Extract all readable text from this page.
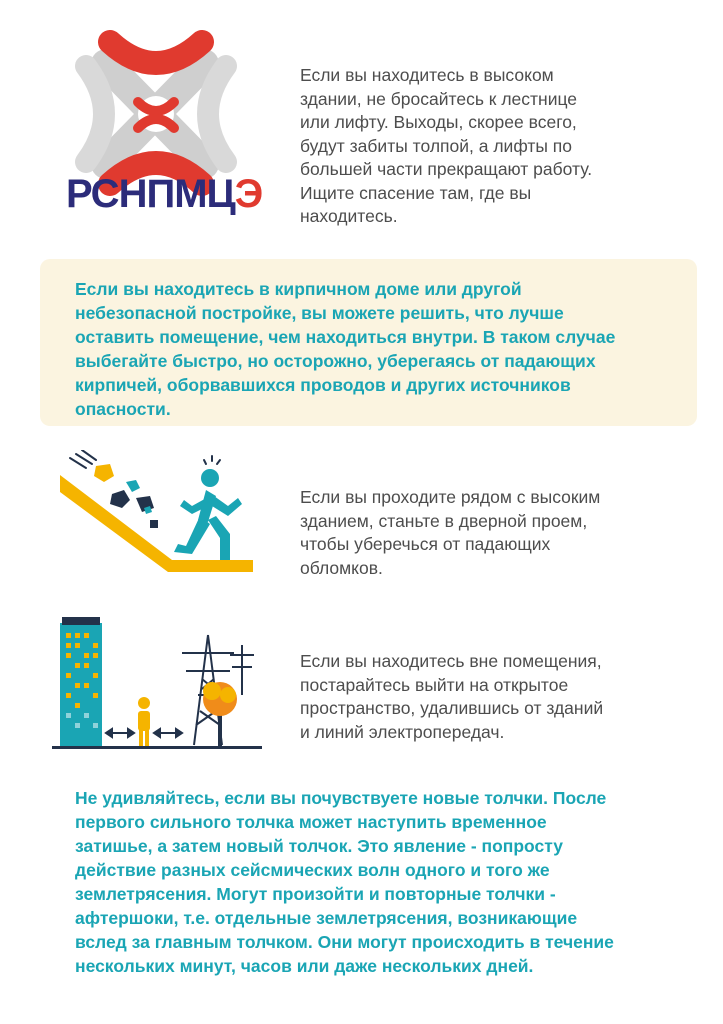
РСНПМЦЭ
Если вы находитесь в высоком
здании, не бросайтесь к лестнице
или лифту. Выходы, скорее всего,
будут забиты толпой, а лифты по
большей части прекращают работу.
Ищите спасение там, где вы
находитесь.
Если вы находитесь в кирпичном доме или другой
небезопасной постройке, вы можете решить, что лучше
оставить помещение, чем находиться внутри. В таком случае
выбегайте быстро, но осторожно, уберегаясь от падающих
кирпичей, оборвавшихся проводов и других источников
опасности.
Если вы проходите рядом с высоким
зданием, станьте в дверной проем,
чтобы уберечься от падающих
обломков.
Если вы находитесь вне помещения,
постарайтесь выйти на открытое
пространство, удалившись от зданий
и линий электропередач.
Не удивляйтесь, если вы почувствуете новые толчки. После
первого сильного толчка может наступить временное
затишье, а затем новый толчок. Это явление - попросту
действие разных сейсмических волн одного и того же
землетрясения. Могут произойти и повторные толчки -
афтершоки, т.е. отдельные землетрясения, возникающие
вслед за главным толчком. Они могут происходить в течение
нескольких минут, часов или даже нескольких дней.
